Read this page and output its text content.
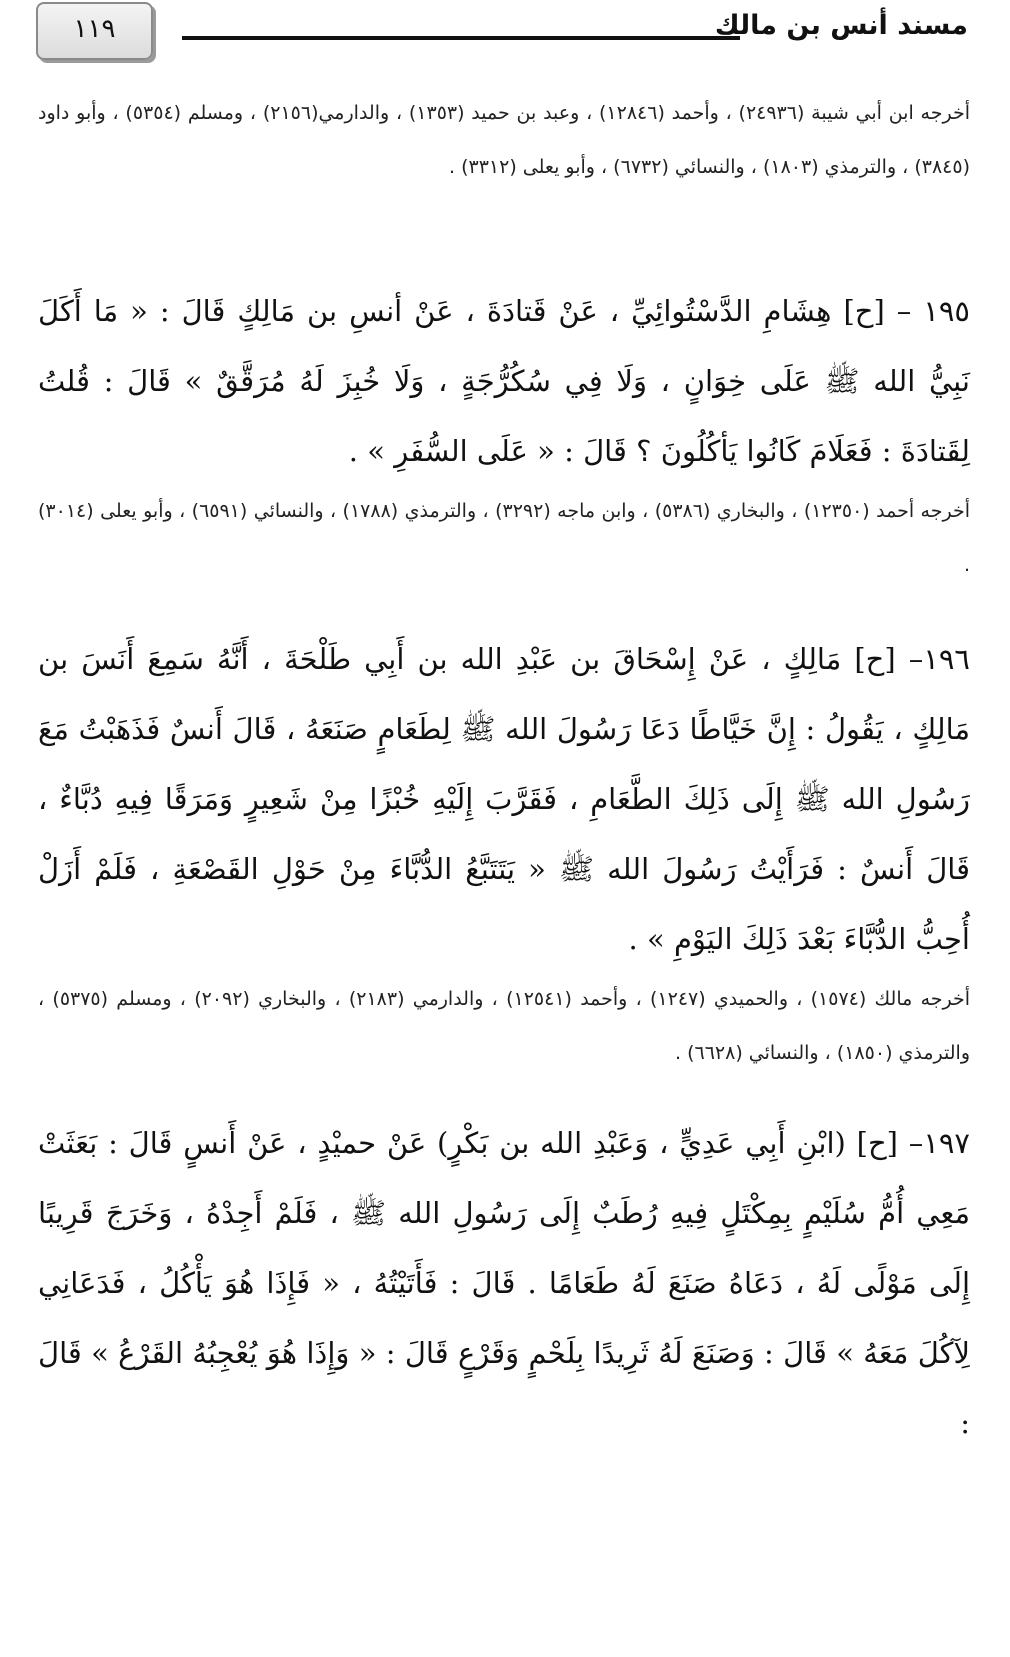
مسند أنس بن مالك
١١٩
أخرجه ابن أبي شيبة (٢٤٩٣٦) ، وأحمد (١٢٨٤٦) ، وعبد بن حميد (١٣٥٣) ، والدارمي(٢١٥٦) ، ومسلم (٥٣٥٤) ، وأبو داود (٣٨٤٥) ، والترمذي (١٨٠٣) ، والنسائي (٦٧٣٢) ، وأبو يعلى (٣٣١٢) .
١٩٥ – [ح] هِشَامِ الدَّسْتُوائِيِّ ، عَنْ قَتادَةَ ، عَنْ أنسِ بن مَالِكٍ قَالَ : « مَا أَكَلَ نَبِيُّ الله ﷺ عَلَى خِوَانٍ ، وَلَا فِي سُكُرُّجَةٍ ، وَلَا خُبِزَ لَهُ مُرَقَّقٌ » قَالَ : قُلتُ لِقَتادَةَ : فَعَلَامَ كَانُوا يَأكُلُونَ ؟ قَالَ : « عَلَى السُّفَرِ » .
أخرجه أحمد (١٢٣٥٠) ، والبخاري (٥٣٨٦) ، وابن ماجه (٣٢٩٢) ، والترمذي (١٧٨٨) ، والنسائي (٦٥٩١) ، وأبو يعلى (٣٠١٤) .
١٩٦– [ح] مَالِكٍ ، عَنْ إِسْحَاقَ بن عَبْدِ الله بن أَبِي طَلْحَةَ ، أَنَّهُ سَمِعَ أَنَسَ بن مَالِكٍ ، يَقُولُ : إِنَّ خَيَّاطًا دَعَا رَسُولَ الله ﷺ لِطَعَامٍ صَنَعَهُ ، قَالَ أَنسٌ فَذَهَبْتُ مَعَ رَسُولِ الله ﷺ إِلَى ذَلِكَ الطَّعَامِ ، فَقَرَّبَ إِلَيْهِ خُبْزًا مِنْ شَعِيرٍ وَمَرَقًا فِيهِ دُبَّاءٌ ، قَالَ أَنسٌ : فَرَأَيْتُ رَسُولَ الله ﷺ « يَتَتَبَّعُ الدُّبَّاءَ مِنْ حَوْلِ القَصْعَةِ ، فَلَمْ أَزَلْ أُحِبُّ الدُّبَّاءَ بَعْدَ ذَلِكَ اليَوْمِ » .
أخرجه مالك (١٥٧٤) ، والحميدي (١٢٤٧) ، وأحمد (١٢٥٤١) ، والدارمي (٢١٨٣) ، والبخاري (٢٠٩٢) ، ومسلم (٥٣٧٥) ، والترمذي (١٨٥٠) ، والنسائي (٦٦٢٨) .
١٩٧– [ح] (ابْنِ أَبِي عَدِيٍّ ، وَعَبْدِ الله بن بَكْرٍ) عَنْ حميْدٍ ، عَنْ أَنسٍ قَالَ : بَعَثَتْ مَعِي أُمُّ سُلَيْمٍ بِمِكْتَلٍ فِيهِ رُطَبٌ إِلَى رَسُولِ الله ﷺ ، فَلَمْ أَجِدْهُ ، وَخَرَجَ قَرِيبًا إِلَى مَوْلًى لَهُ ، دَعَاهُ صَنَعَ لَهُ طَعَامًا . قَالَ : فَأَتَيْتُهُ ، « فَإِذَا هُوَ يَأْكُلُ ، فَدَعَانِي لِآكُلَ مَعَهُ » قَالَ : وَصَنَعَ لَهُ ثَرِيدًا بِلَحْمٍ وَقَرْعٍ قَالَ : « وَإِذَا هُوَ يُعْجِبُهُ القَرْعُ » قَالَ :
